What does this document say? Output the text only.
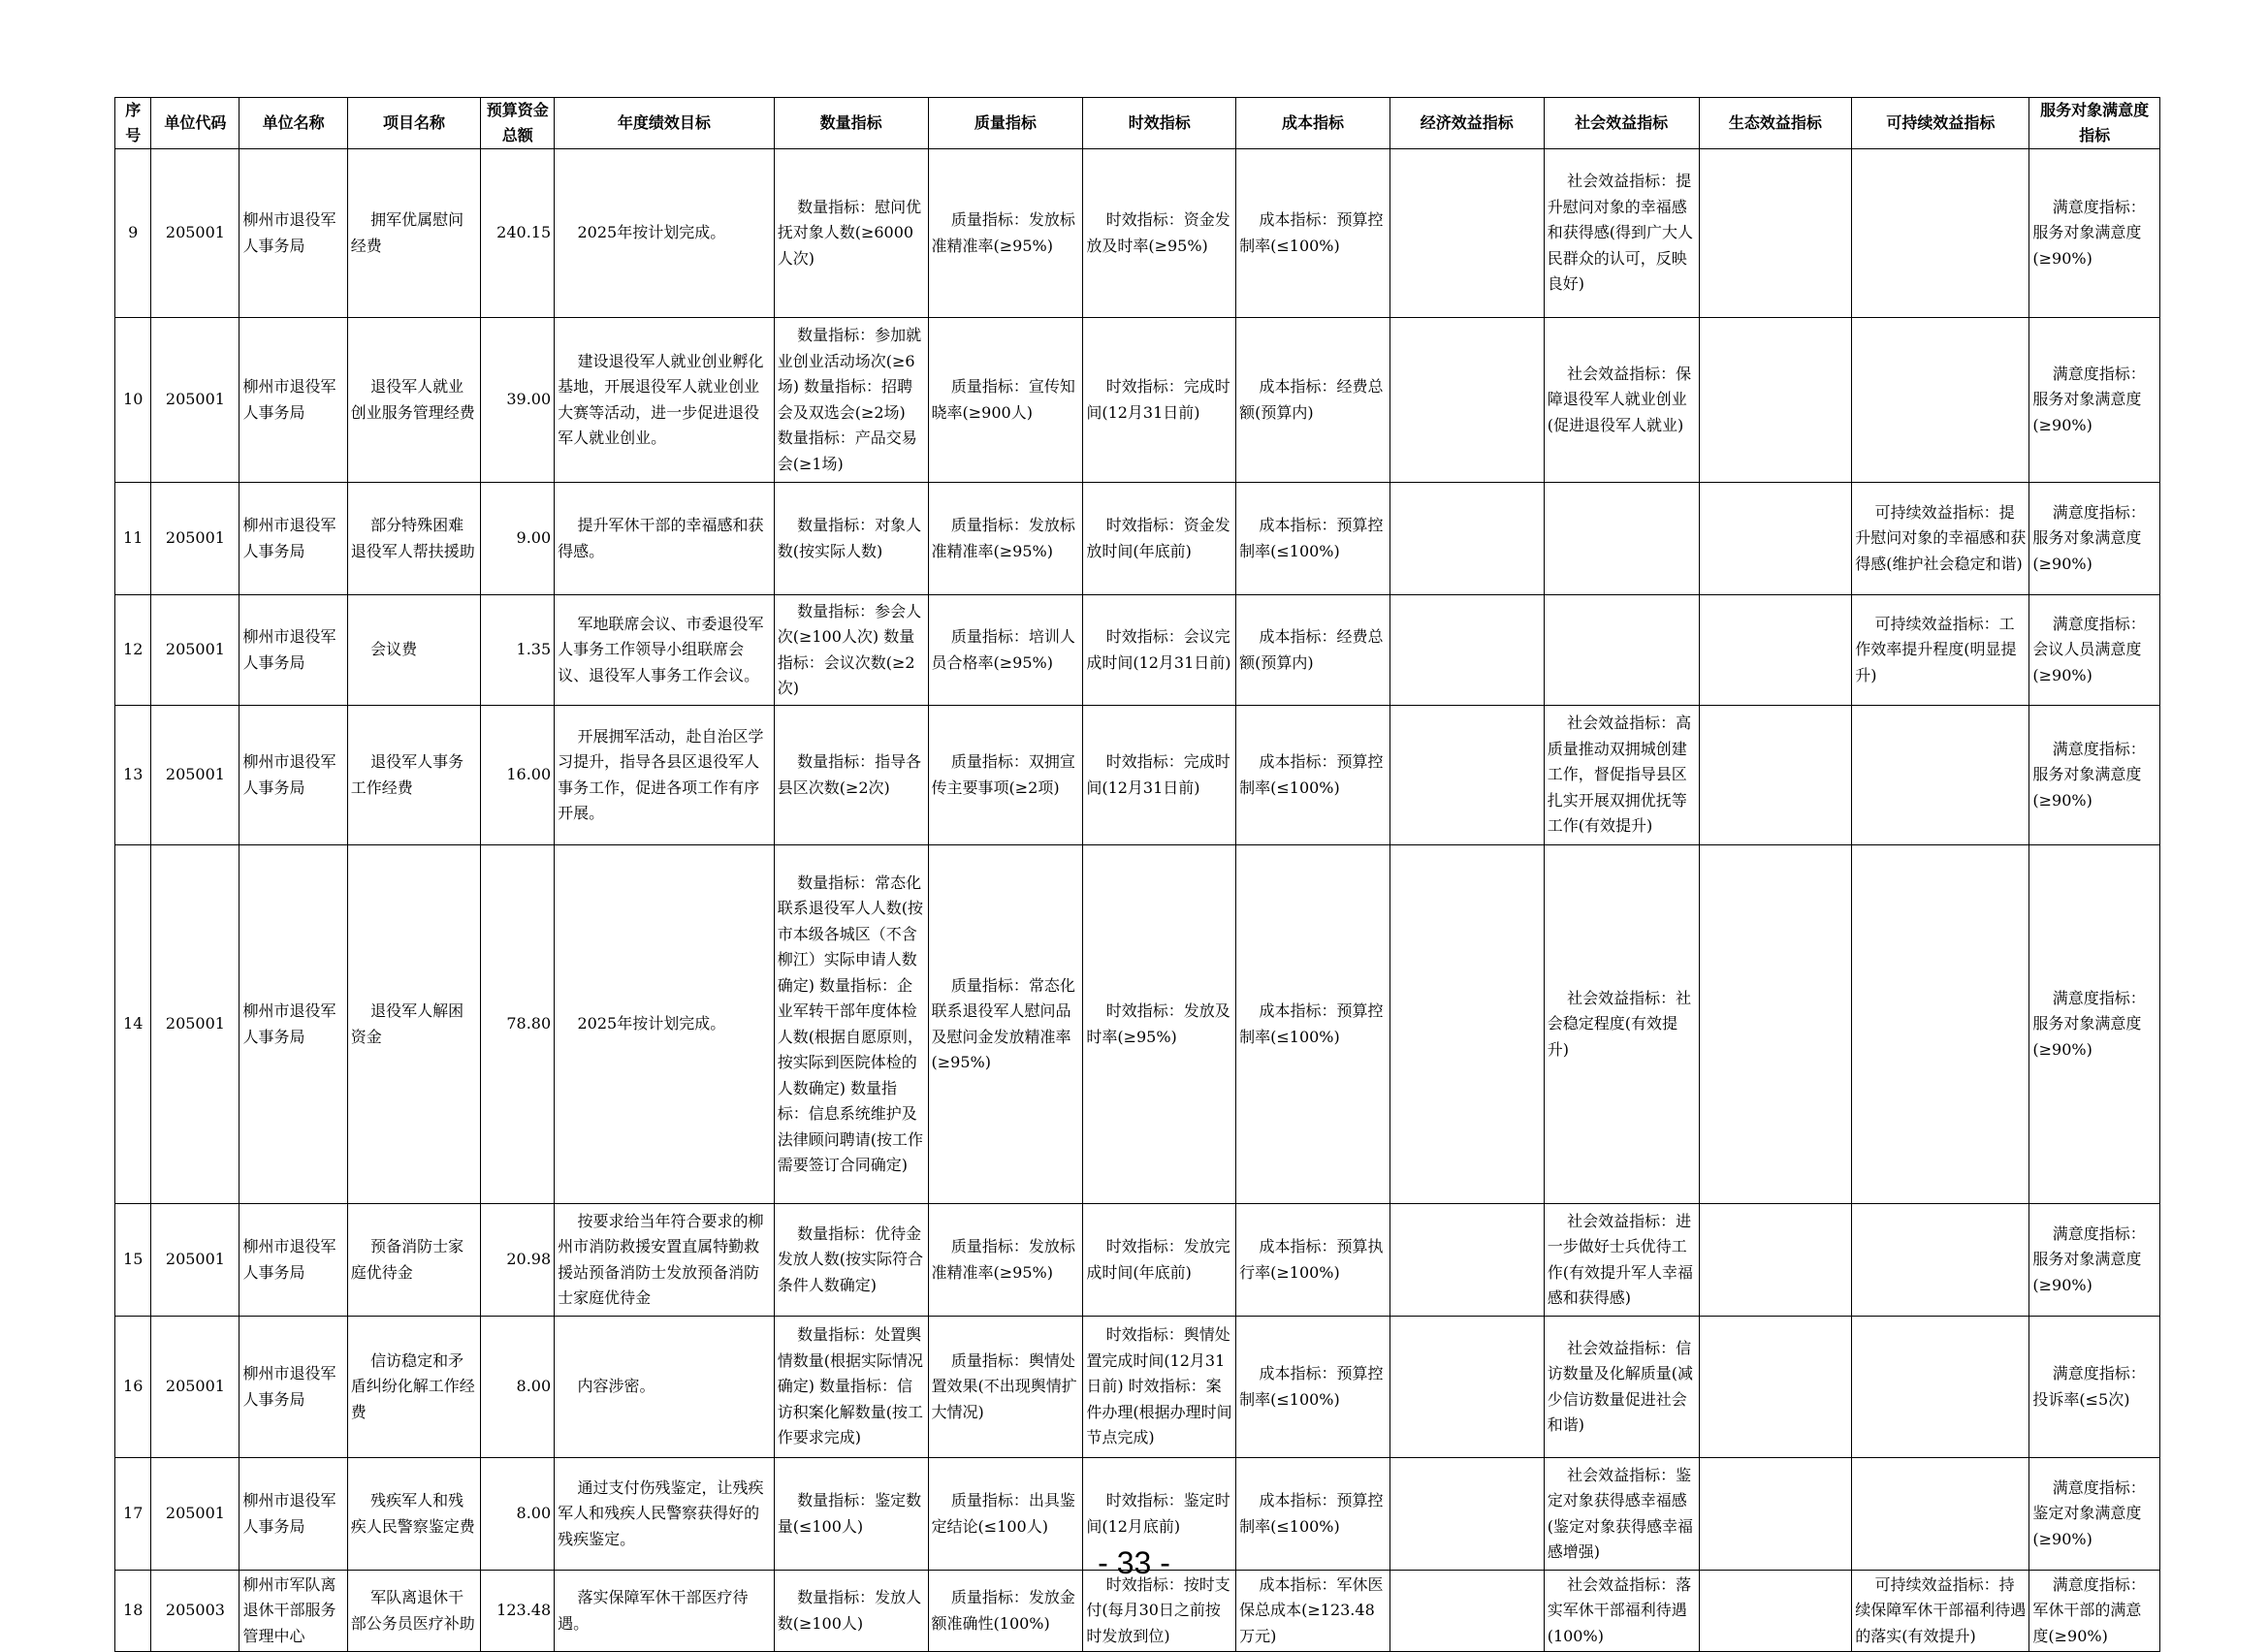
序号	单位代码	单位名称	项目名称	预算资金总额	年度绩效目标	数量指标	质量指标	时效指标	成本指标	经济效益指标	社会效益指标	生态效益指标	可持续效益指标	服务对象满意度指标
9	205001	柳州市退役军人事务局	拥军优属慰问经费	240.15	2025年按计划完成。	数量指标：慰问优抚对象人数(≥6000人次)	质量指标：发放标准精准率(≥95%)	时效指标：资金发放及时率(≥95%)	成本指标：预算控制率(≤100%)		社会效益指标：提升慰问对象的幸福感和获得感(得到广大人民群众的认可，反映良好)			满意度指标：服务对象满意度(≥90%)
10	205001	柳州市退役军人事务局	退役军人就业创业服务管理经费	39.00	建设退役军人就业创业孵化基地，开展退役军人就业创业大赛等活动，进一步促进退役军人就业创业。	数量指标：参加就业创业活动场次(≥6场) 数量指标：招聘会及双选会(≥2场) 数量指标：产品交易会(≥1场)	质量指标：宣传知晓率(≥900人)	时效指标：完成时间(12月31日前)	成本指标：经费总额(预算内)		社会效益指标：保障退役军人就业创业(促进退役军人就业)			满意度指标：服务对象满意度(≥90%)
11	205001	柳州市退役军人事务局	部分特殊困难退役军人帮扶援助	9.00	提升军休干部的幸福感和获得感。	数量指标：对象人数(按实际人数)	质量指标：发放标准精准率(≥95%)	时效指标：资金发放时间(年底前)	成本指标：预算控制率(≤100%)				可持续效益指标：提升慰问对象的幸福感和获得感(维护社会稳定和谐)	满意度指标：服务对象满意度(≥90%)
12	205001	柳州市退役军人事务局	会议费	1.35	军地联席会议、市委退役军人事务工作领导小组联席会议、退役军人事务工作会议。	数量指标：参会人次(≥100人次) 数量指标：会议次数(≥2次)	质量指标：培训人员合格率(≥95%)	时效指标：会议完成时间(12月31日前)	成本指标：经费总额(预算内)				可持续效益指标：工作效率提升程度(明显提升)	满意度指标：会议人员满意度(≥90%)
13	205001	柳州市退役军人事务局	退役军人事务工作经费	16.00	开展拥军活动，赴自治区学习提升，指导各县区退役军人事务工作，促进各项工作有序开展。	数量指标：指导各县区次数(≥2次)	质量指标：双拥宣传主要事项(≥2项)	时效指标：完成时间(12月31日前)	成本指标：预算控制率(≤100%)		社会效益指标：高质量推动双拥城创建工作，督促指导县区扎实开展双拥优抚等工作(有效提升)			满意度指标：服务对象满意度(≥90%)
14	205001	柳州市退役军人事务局	退役军人解困资金	78.80	2025年按计划完成。	数量指标：常态化联系退役军人人数(按市本级各城区（不含柳江）实际申请人数确定) 数量指标：企业军转干部年度体检人数(根据自愿原则，按实际到医院体检的人数确定) 数量指标：信息系统维护及法律顾问聘请(按工作需要签订合同确定)	质量指标：常态化联系退役军人慰问品及慰问金发放精准率(≥95%)	时效指标：发放及时率(≥95%)	成本指标：预算控制率(≤100%)		社会效益指标：社会稳定程度(有效提升)			满意度指标：服务对象满意度(≥90%)
15	205001	柳州市退役军人事务局	预备消防士家庭优待金	20.98	按要求给当年符合要求的柳州市消防救援安置直属特勤救援站预备消防士发放预备消防士家庭优待金	数量指标：优待金发放人数(按实际符合条件人数确定)	质量指标：发放标准精准率(≥95%)	时效指标：发放完成时间(年底前)	成本指标：预算执行率(≥100%)		社会效益指标：进一步做好士兵优待工作(有效提升军人幸福感和获得感)			满意度指标：服务对象满意度(≥90%)
16	205001	柳州市退役军人事务局	信访稳定和矛盾纠纷化解工作经费	8.00	内容涉密。	数量指标：处置舆情数量(根据实际情况确定) 数量指标：信访积案化解数量(按工作要求完成)	质量指标：舆情处置效果(不出现舆情扩大情况)	时效指标：舆情处置完成时间(12月31日前) 时效指标：案件办理(根据办理时间节点完成)	成本指标：预算控制率(≤100%)		社会效益指标：信访数量及化解质量(减少信访数量促进社会和谐)			满意度指标：投诉率(≤5次)
17	205001	柳州市退役军人事务局	残疾军人和残疾人民警察鉴定费	8.00	通过支付伤残鉴定，让残疾军人和残疾人民警察获得好的残疾鉴定。	数量指标：鉴定数量(≤100人)	质量指标：出具鉴定结论(≤100人)	时效指标：鉴定时间(12月底前)	成本指标：预算控制率(≤100%)		社会效益指标：鉴定对象获得感幸福感(鉴定对象获得感幸福感增强)			满意度指标：鉴定对象满意度(≥90%)
18	205003	柳州市军队离退休干部服务管理中心	军队离退休干部公务员医疗补助	123.48	落实保障军休干部医疗待遇。	数量指标：发放人数(≥100人)	质量指标：发放金额准确性(100%)	时效指标：按时支付(每月30日之前按时发放到位)	成本指标：军休医保总成本(≥123.48万元)		社会效益指标：落实军休干部福利待遇(100%)		可持续效益指标：持续保障军休干部福利待遇的落实(有效提升)	满意度指标：军休干部的满意度(≥90%)
- 33 -
